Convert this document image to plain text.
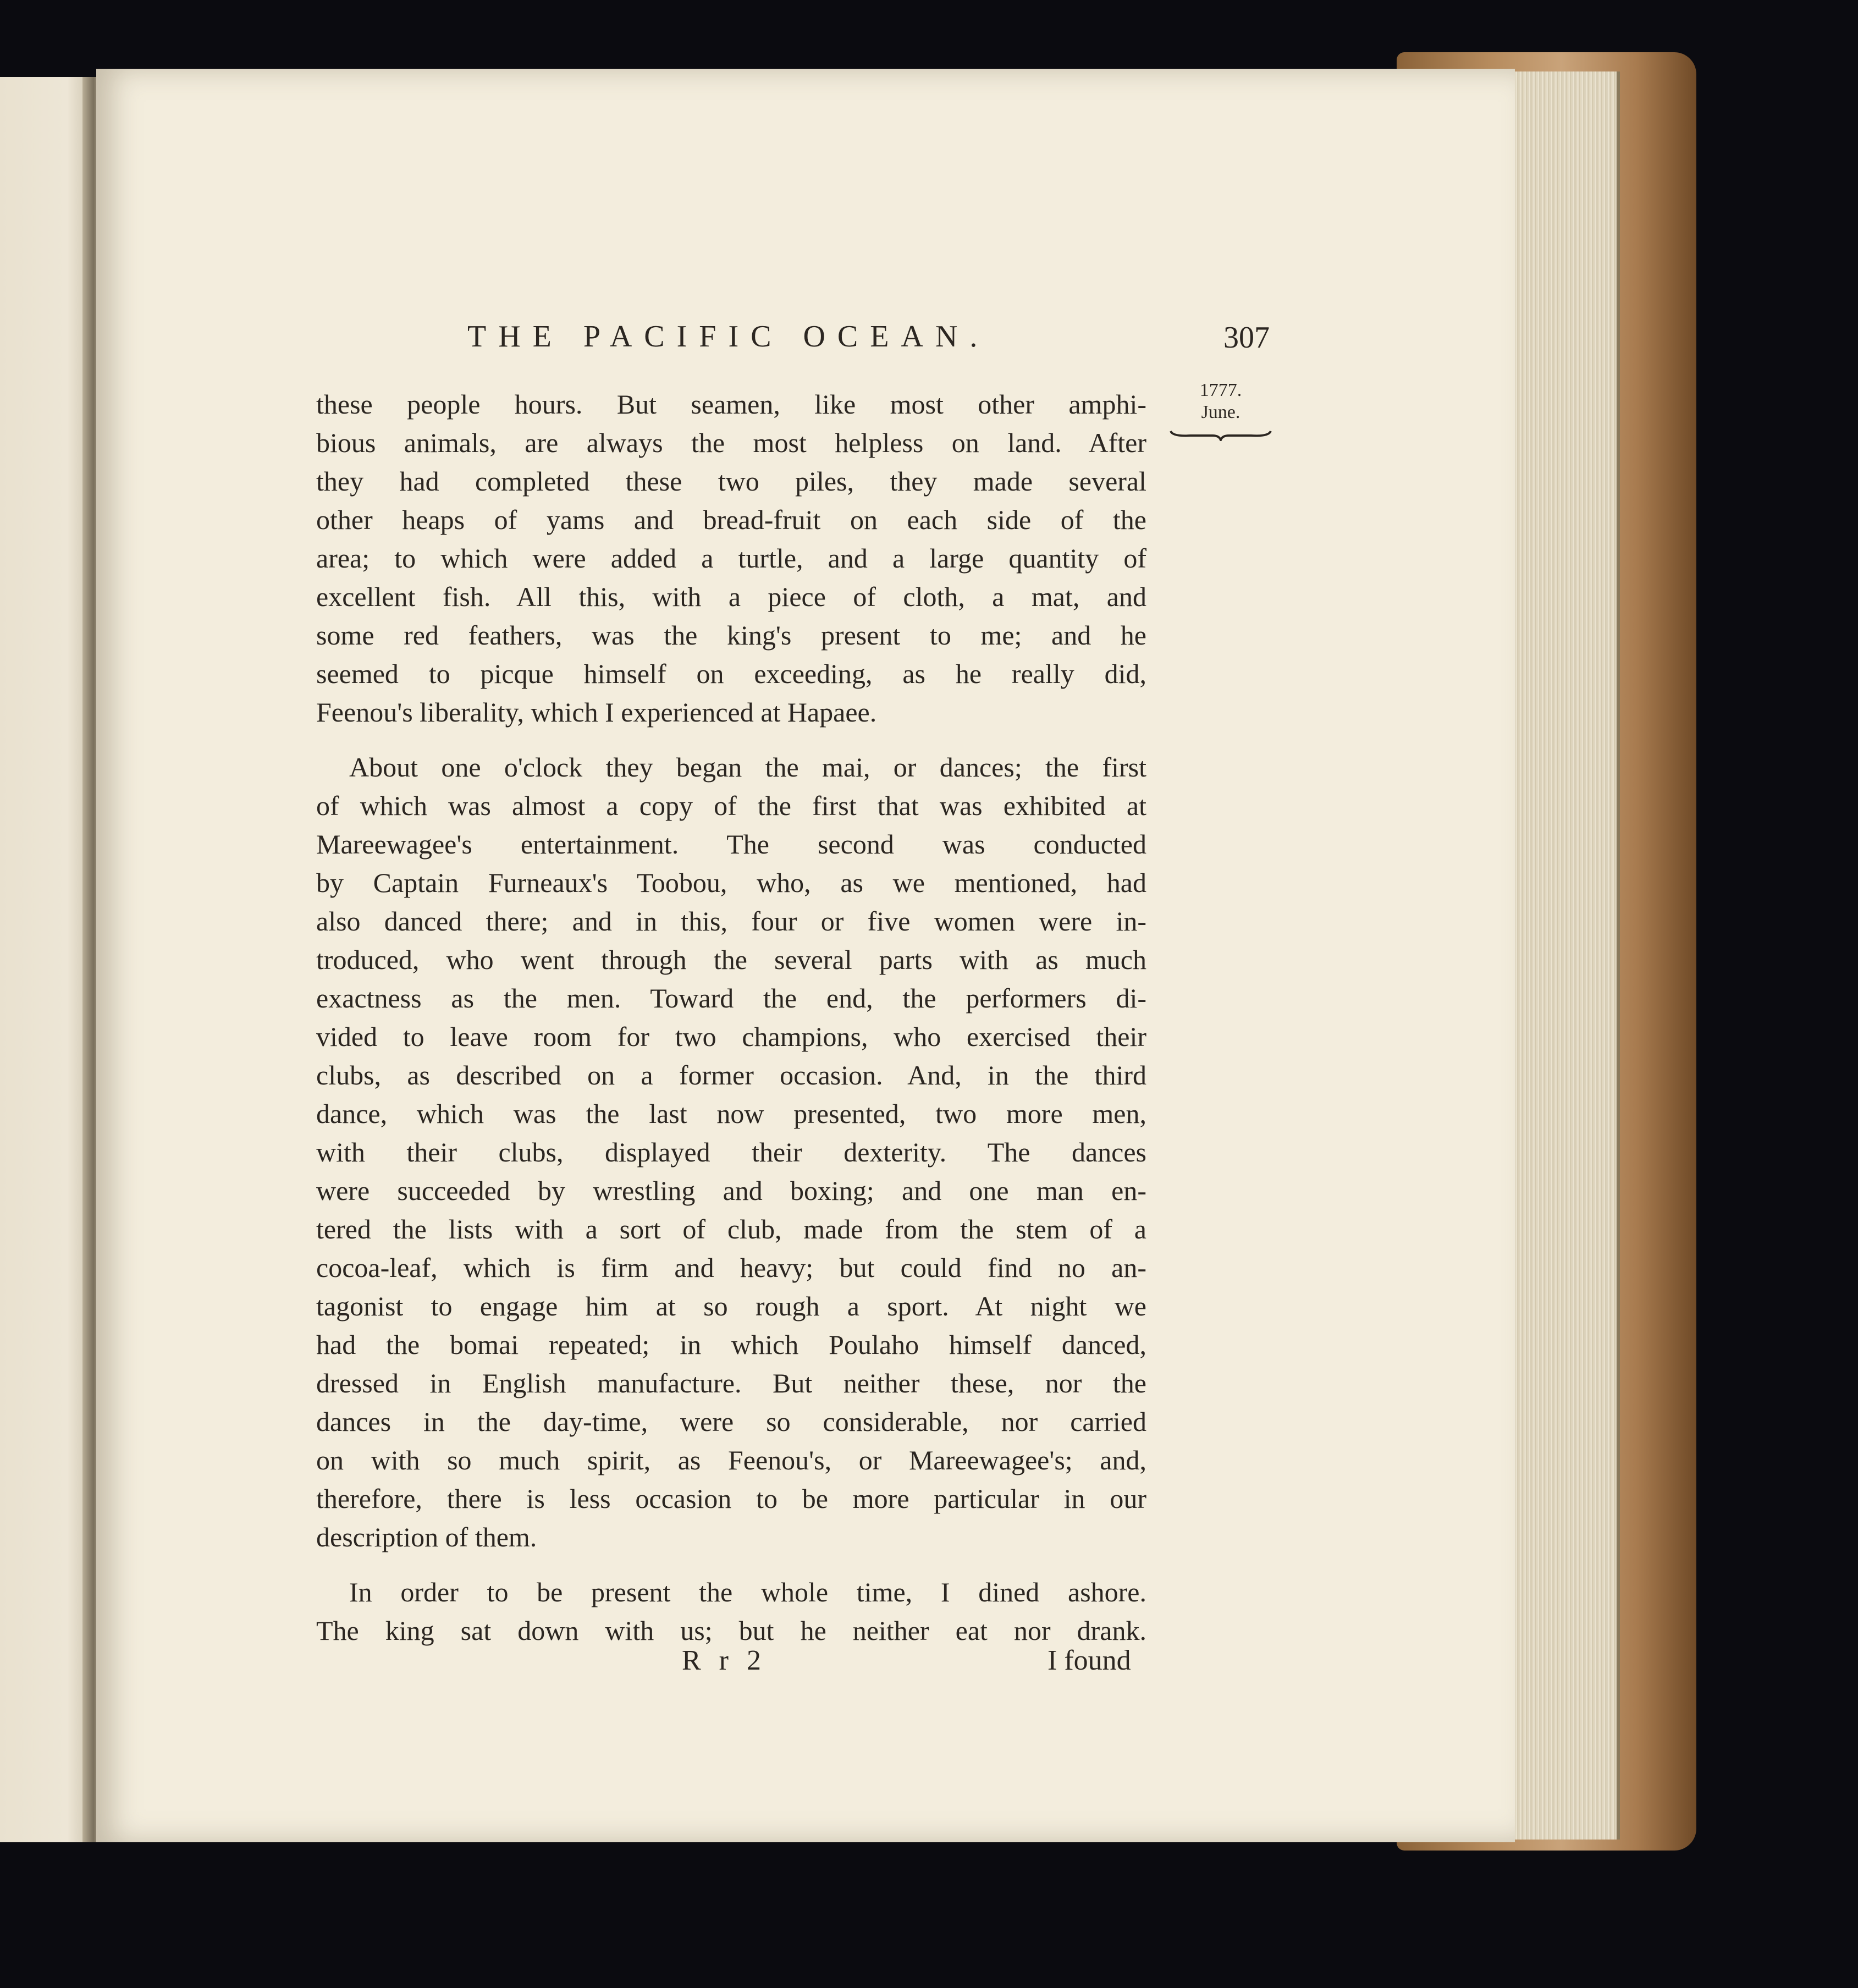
THE PACIFIC OCEAN.	307
1777.
June.
these people hours. But seamen, like most other amphi-
bious animals, are always the most helpless on land. After
they had completed these two piles, they made several
other heaps of yams and bread-fruit on each side of the
area; to which were added a turtle, and a large quantity of
excellent fish. All this, with a piece of cloth, a mat, and
some red feathers, was the king's present to me; and he
seemed to picque himself on exceeding, as he really did,
Feenou's liberality, which I experienced at Hapaee.
About one o'clock they began the mai, or dances; the first
of which was almost a copy of the first that was exhibited at
Mareewagee's entertainment. The second was conducted
by Captain Furneaux's Toobou, who, as we mentioned, had
also danced there; and in this, four or five women were in-
troduced, who went through the several parts with as much
exactness as the men. Toward the end, the performers di-
vided to leave room for two champions, who exercised their
clubs, as described on a former occasion. And, in the third
dance, which was the last now presented, two more men,
with their clubs, displayed their dexterity. The dances
were succeeded by wrestling and boxing; and one man en-
tered the lists with a sort of club, made from the stem of a
cocoa-leaf, which is firm and heavy; but could find no an-
tagonist to engage him at so rough a sport. At night we
had the bomai repeated; in which Poulaho himself danced,
dressed in English manufacture. But neither these, nor the
dances in the day-time, were so considerable, nor carried
on with so much spirit, as Feenou's, or Mareewagee's; and,
therefore, there is less occasion to be more particular in our
description of them.
In order to be present the whole time, I dined ashore.
The king sat down with us; but he neither eat nor drank.
R r 2	I found
